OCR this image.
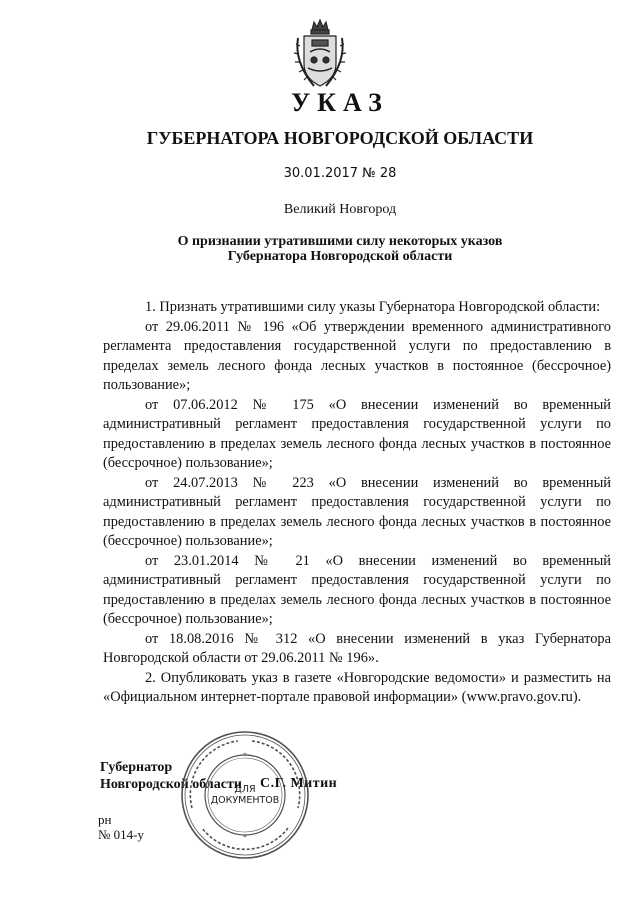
УКАЗ
ГУБЕРНАТОРА НОВГОРОДСКОЙ ОБЛАСТИ
30.01.2017 № 28
Великий Новгород
О признании утратившими силу некоторых указов
Губернатора Новгородской области

1. Признать утратившими силу указы Губернатора Новгородской области:

от 29.06.2011 № 196 «Об утверждении временного административного регламента предоставления государственной услуги по предоставлению в пределах земель лесного фонда лесных участков в постоянное (бессрочное) пользование»;

от 07.06.2012 № 175 «О внесении изменений во временный административный регламент предоставления государственной услуги по предоставлению в пределах земель лесного фонда лесных участков в постоянное (бессрочное) пользование»;

от 24.07.2013 № 223 «О внесении изменений во временный административный регламент предоставления государственной услуги по предоставлению в пределах земель лесного фонда лесных участков в постоянное (бессрочное) пользование»;

от 23.01.2014 № 21 «О внесении изменений во временный административный регламент предоставления государственной услуги по предоставлению в пределах земель лесного фонда лесных участков в постоянное (бессрочное) пользование»;

от 18.08.2016 № 312 «О внесении изменений в указ Губернатора Новгородской области от 29.06.2011 № 196».

2. Опубликовать указ в газете «Новгородские ведомости» и разместить на «Официальном интернет-портале правовой информации» (www.pravo.gov.ru).

Губернатор
Новгородской области С.Г. Митин
*
*
ДЛЯ
ДОКУМЕНТОВ
рн
№ 014-у
